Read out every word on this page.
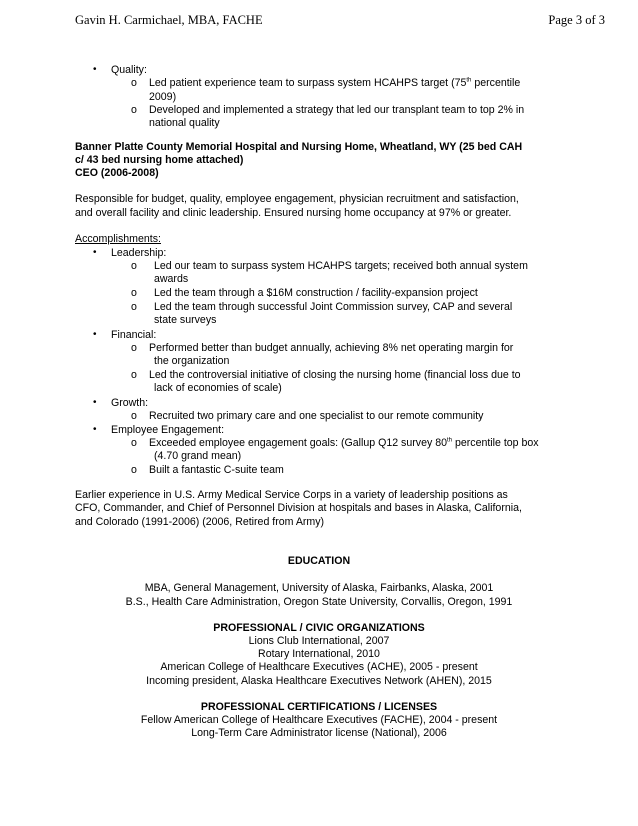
Gavin H. Carmichael, MBA, FACHE	Page 3 of 3
• Quality:
o Led patient experience team to surpass system HCAHPS target (75th percentile
2009)
o Developed and implemented a strategy that led our transplant team to top 2% in
national quality
Banner Platte County Memorial Hospital and Nursing Home, Wheatland, WY (25 bed CAH
c/ 43 bed nursing home attached)
CEO (2006-2008)
Responsible for budget, quality, employee engagement, physician recruitment and satisfaction,
and overall facility and clinic leadership. Ensured nursing home occupancy at 97% or greater.
Accomplishments:
• Leadership:
o Led our team to surpass system HCAHPS targets; received both annual system
awards
o Led the team through a $16M construction / facility-expansion project
o Led the team through successful Joint Commission survey, CAP and several
state surveys
• Financial:
o Performed better than budget annually, achieving 8% net operating margin for
the organization
o Led the controversial initiative of closing the nursing home (financial loss due to
lack of economies of scale)
• Growth:
o Recruited two primary care and one specialist to our remote community
• Employee Engagement:
o Exceeded employee engagement goals: (Gallup Q12 survey 80th percentile top box
(4.70 grand mean)
o Built a fantastic C-suite team
Earlier experience in U.S. Army Medical Service Corps in a variety of leadership positions as
CFO, Commander, and Chief of Personnel Division at hospitals and bases in Alaska, California,
and Colorado (1991-2006) (2006, Retired from Army)
EDUCATION
MBA, General Management, University of Alaska, Fairbanks, Alaska, 2001
B.S., Health Care Administration, Oregon State University, Corvallis, Oregon, 1991
PROFESSIONAL / CIVIC ORGANIZATIONS
Lions Club International, 2007
Rotary International, 2010
American College of Healthcare Executives (ACHE), 2005 - present
Incoming president, Alaska Healthcare Executives Network (AHEN), 2015
PROFESSIONAL CERTIFICATIONS / LICENSES
Fellow American College of Healthcare Executives (FACHE), 2004 - present
Long-Term Care Administrator license (National), 2006
